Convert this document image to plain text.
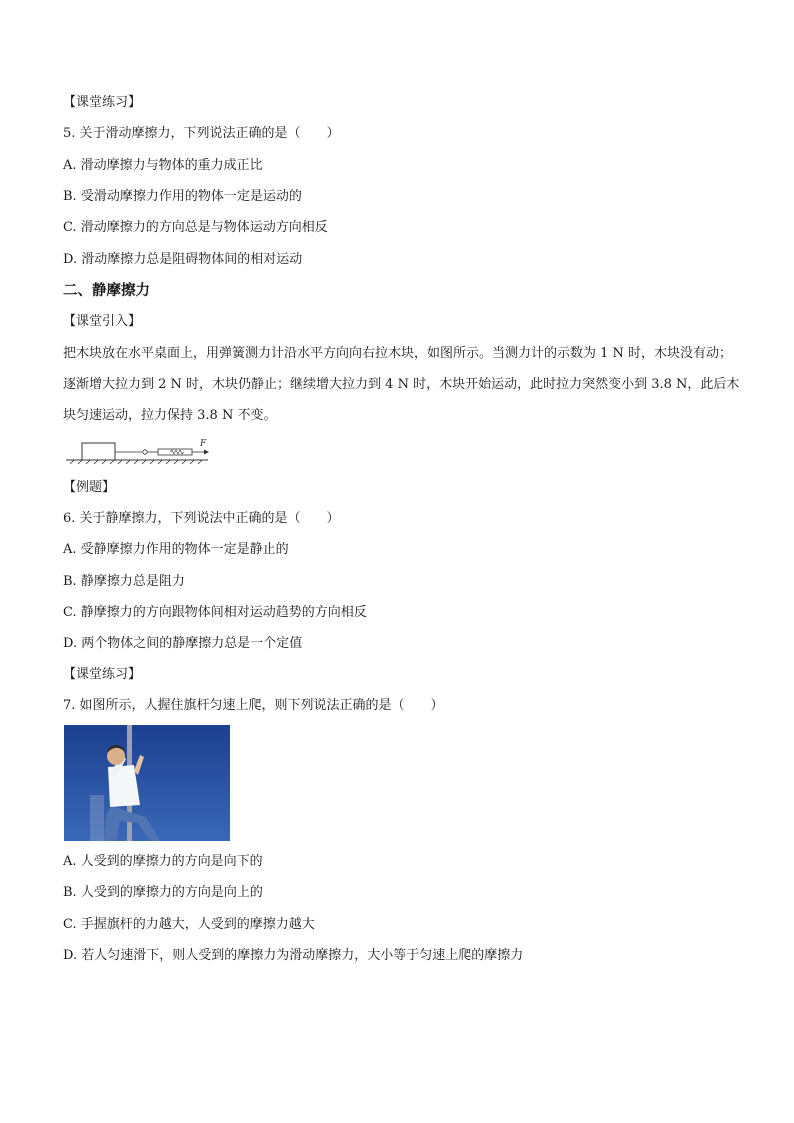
【课堂练习】
5. 关于滑动摩擦力，下列说法正确的是（　　）
A. 滑动摩擦力与物体的重力成正比
B. 受滑动摩擦力作用的物体一定是运动的
C. 滑动摩擦力的方向总是与物体运动方向相反
D. 滑动摩擦力总是阻碍物体间的相对运动
二、静摩擦力
【课堂引入】
把木块放在水平桌面上，用弹簧测力计沿水平方向向右拉木块，如图所示。当测力计的示数为 1 N 时，木块没有动；逐渐增大拉力到 2 N 时，木块仍静止；继续增大拉力到 4 N 时，木块开始运动，此时拉力突然变小到 3.8 N，此后木块匀速运动，拉力保持 3.8 N 不变。
F
【例题】
6. 关于静摩擦力，下列说法中正确的是（　　）
A. 受静摩擦力作用的物体一定是静止的
B. 静摩擦力总是阻力
C. 静摩擦力的方向跟物体间相对运动趋势的方向相反
D. 两个物体之间的静摩擦力总是一个定值
【课堂练习】
7. 如图所示，人握住旗杆匀速上爬，则下列说法正确的是（　　）
A. 人受到的摩擦力的方向是向下的
B. 人受到的摩擦力的方向是向上的
C. 手握旗杆的力越大，人受到的摩擦力越大
D. 若人匀速滑下，则人受到的摩擦力为滑动摩擦力，大小等于匀速上爬的摩擦力
